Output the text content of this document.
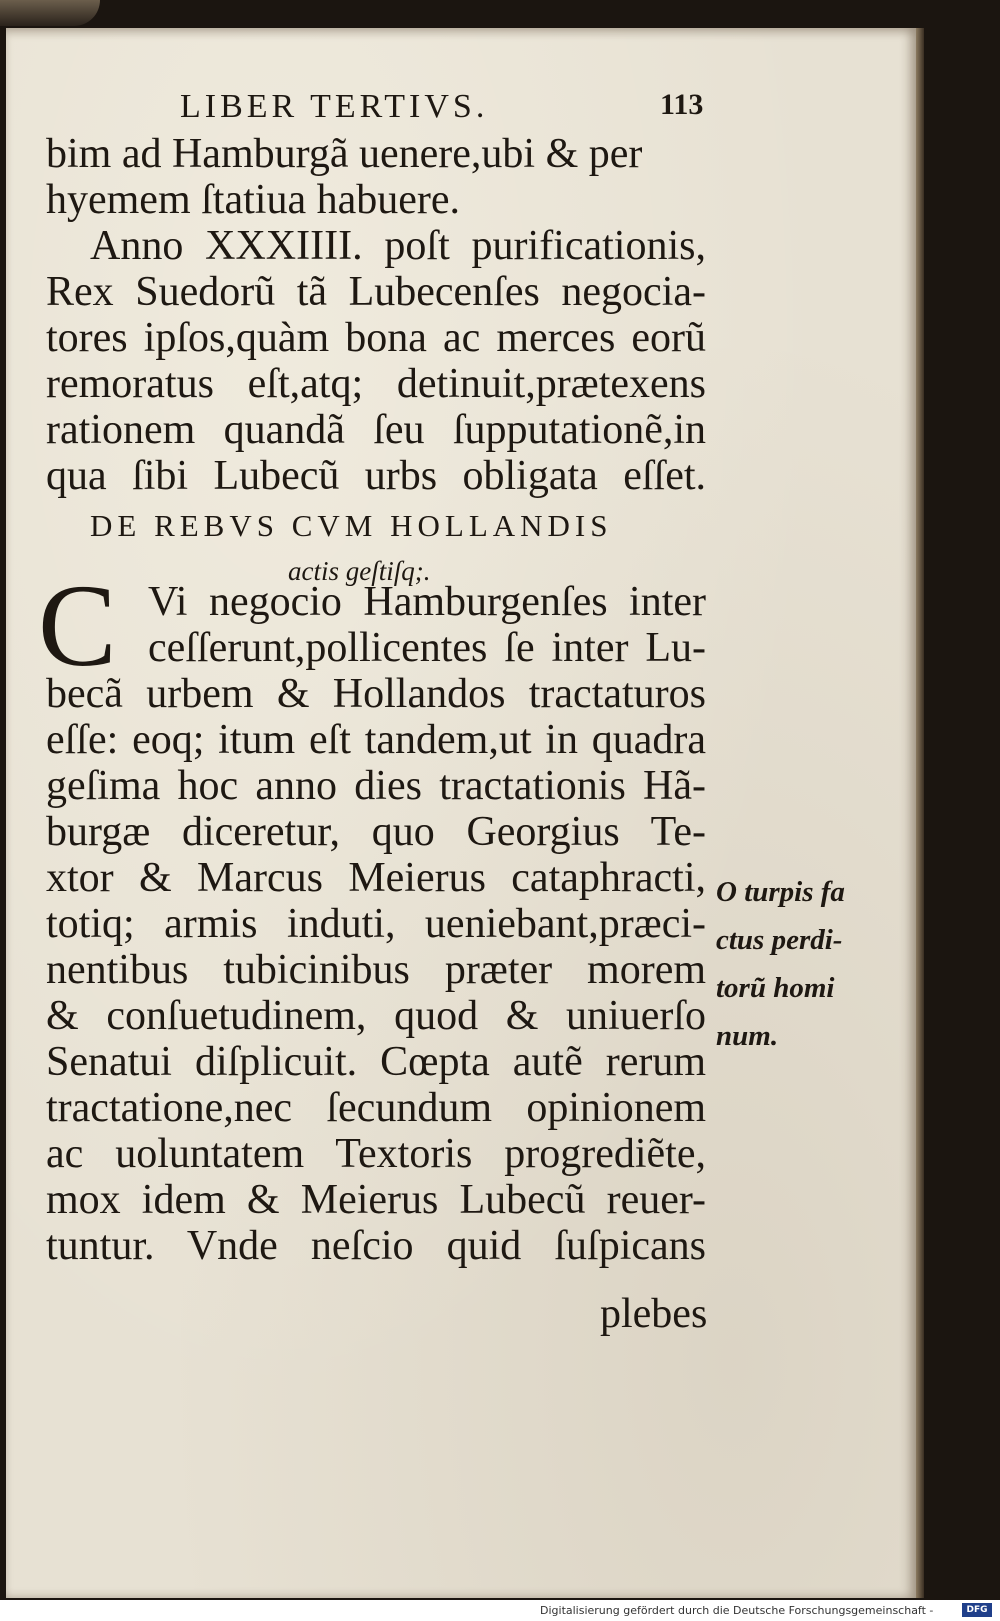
LIBER TERTIVS.	113
bim ad Hamburgã uenere,ubi & per
hyemem ſtatiua habuere.
Anno XXXIIII. poſt purificationis,
Rex Suedorũ tã Lubecenſes negocia-
tores ipſos,quàm bona ac merces eorũ
remoratus eſt,atq; detinuit,prætexens
rationem quandã ſeu ſupputationẽ,in
qua ſibi Lubecũ urbs obligata eſſet.
DE REBVS CVM HOLLANDIS
actis geſtiſq;.
C Vi negocio Hamburgenſes inter
ceſſerunt,pollicentes ſe inter Lu-
becã urbem & Hollandos tractaturos
eſſe: eoq; itum eſt tandem,ut in quadra
geſima hoc anno dies tractationis Hã-
burgæ diceretur, quo Georgius Te-
xtor & Marcus Meierus cataphracti,
totiq; armis induti, ueniebant,præci-
nentibus tubicinibus præter morem
& conſuetudinem, quod & uniuerſo
Senatui diſplicuit. Cœpta autẽ rerum
tractatione,nec ſecundum opinionem
ac uoluntatem Textoris progrediẽte,
mox idem & Meierus Lubecũ reuer-
tuntur. Vnde neſcio quid ſuſpicans
plebes
O turpis fa
ctus perdi-
torũ homi
num.
Digitalisierung gefördert durch die Deutsche Forschungsgemeinschaft -	DFG
